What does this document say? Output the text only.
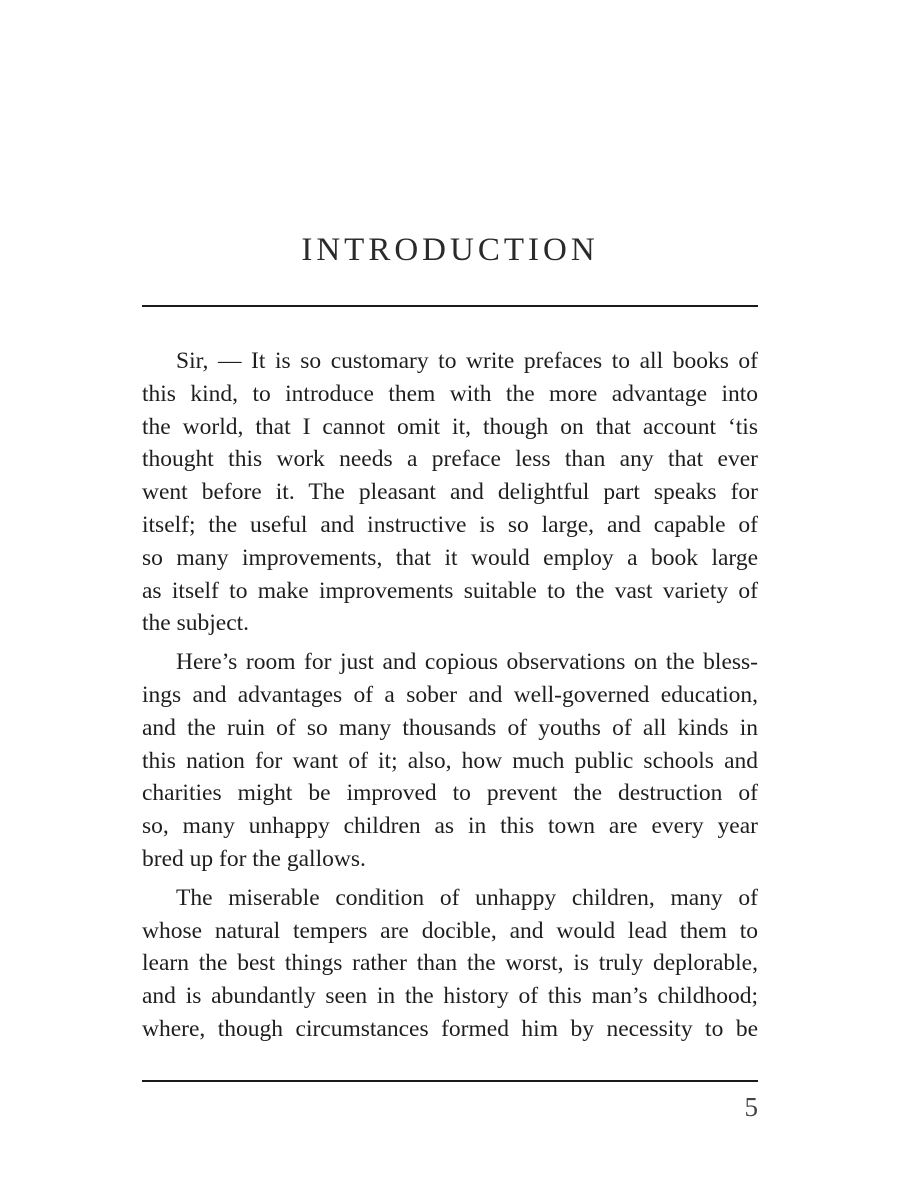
INTRODUCTION

Sir, — It is so customary to write prefaces to all books of
this kind, to introduce them with the more advantage into
the world, that I cannot omit it, though on that account ‘tis
thought this work needs a preface less than any that ever
went before it. The pleasant and delightful part speaks for
itself; the useful and instructive is so large, and capable of
so many improvements, that it would employ a book large
as itself to make improvements suitable to the vast variety of
the subject.

Here’s room for just and copious observations on the bless-
ings and advantages of a sober and well-governed education,
and the ruin of so many thousands of youths of all kinds in
this nation for want of it; also, how much public schools and
charities might be improved to prevent the destruction of
so, many unhappy children as in this town are every year
bred up for the gallows.

The miserable condition of unhappy children, many of
whose natural tempers are docible, and would lead them to
learn the best things rather than the worst, is truly deplorable,
and is abundantly seen in the history of this man’s childhood;
where, though circumstances formed him by necessity to be

5
